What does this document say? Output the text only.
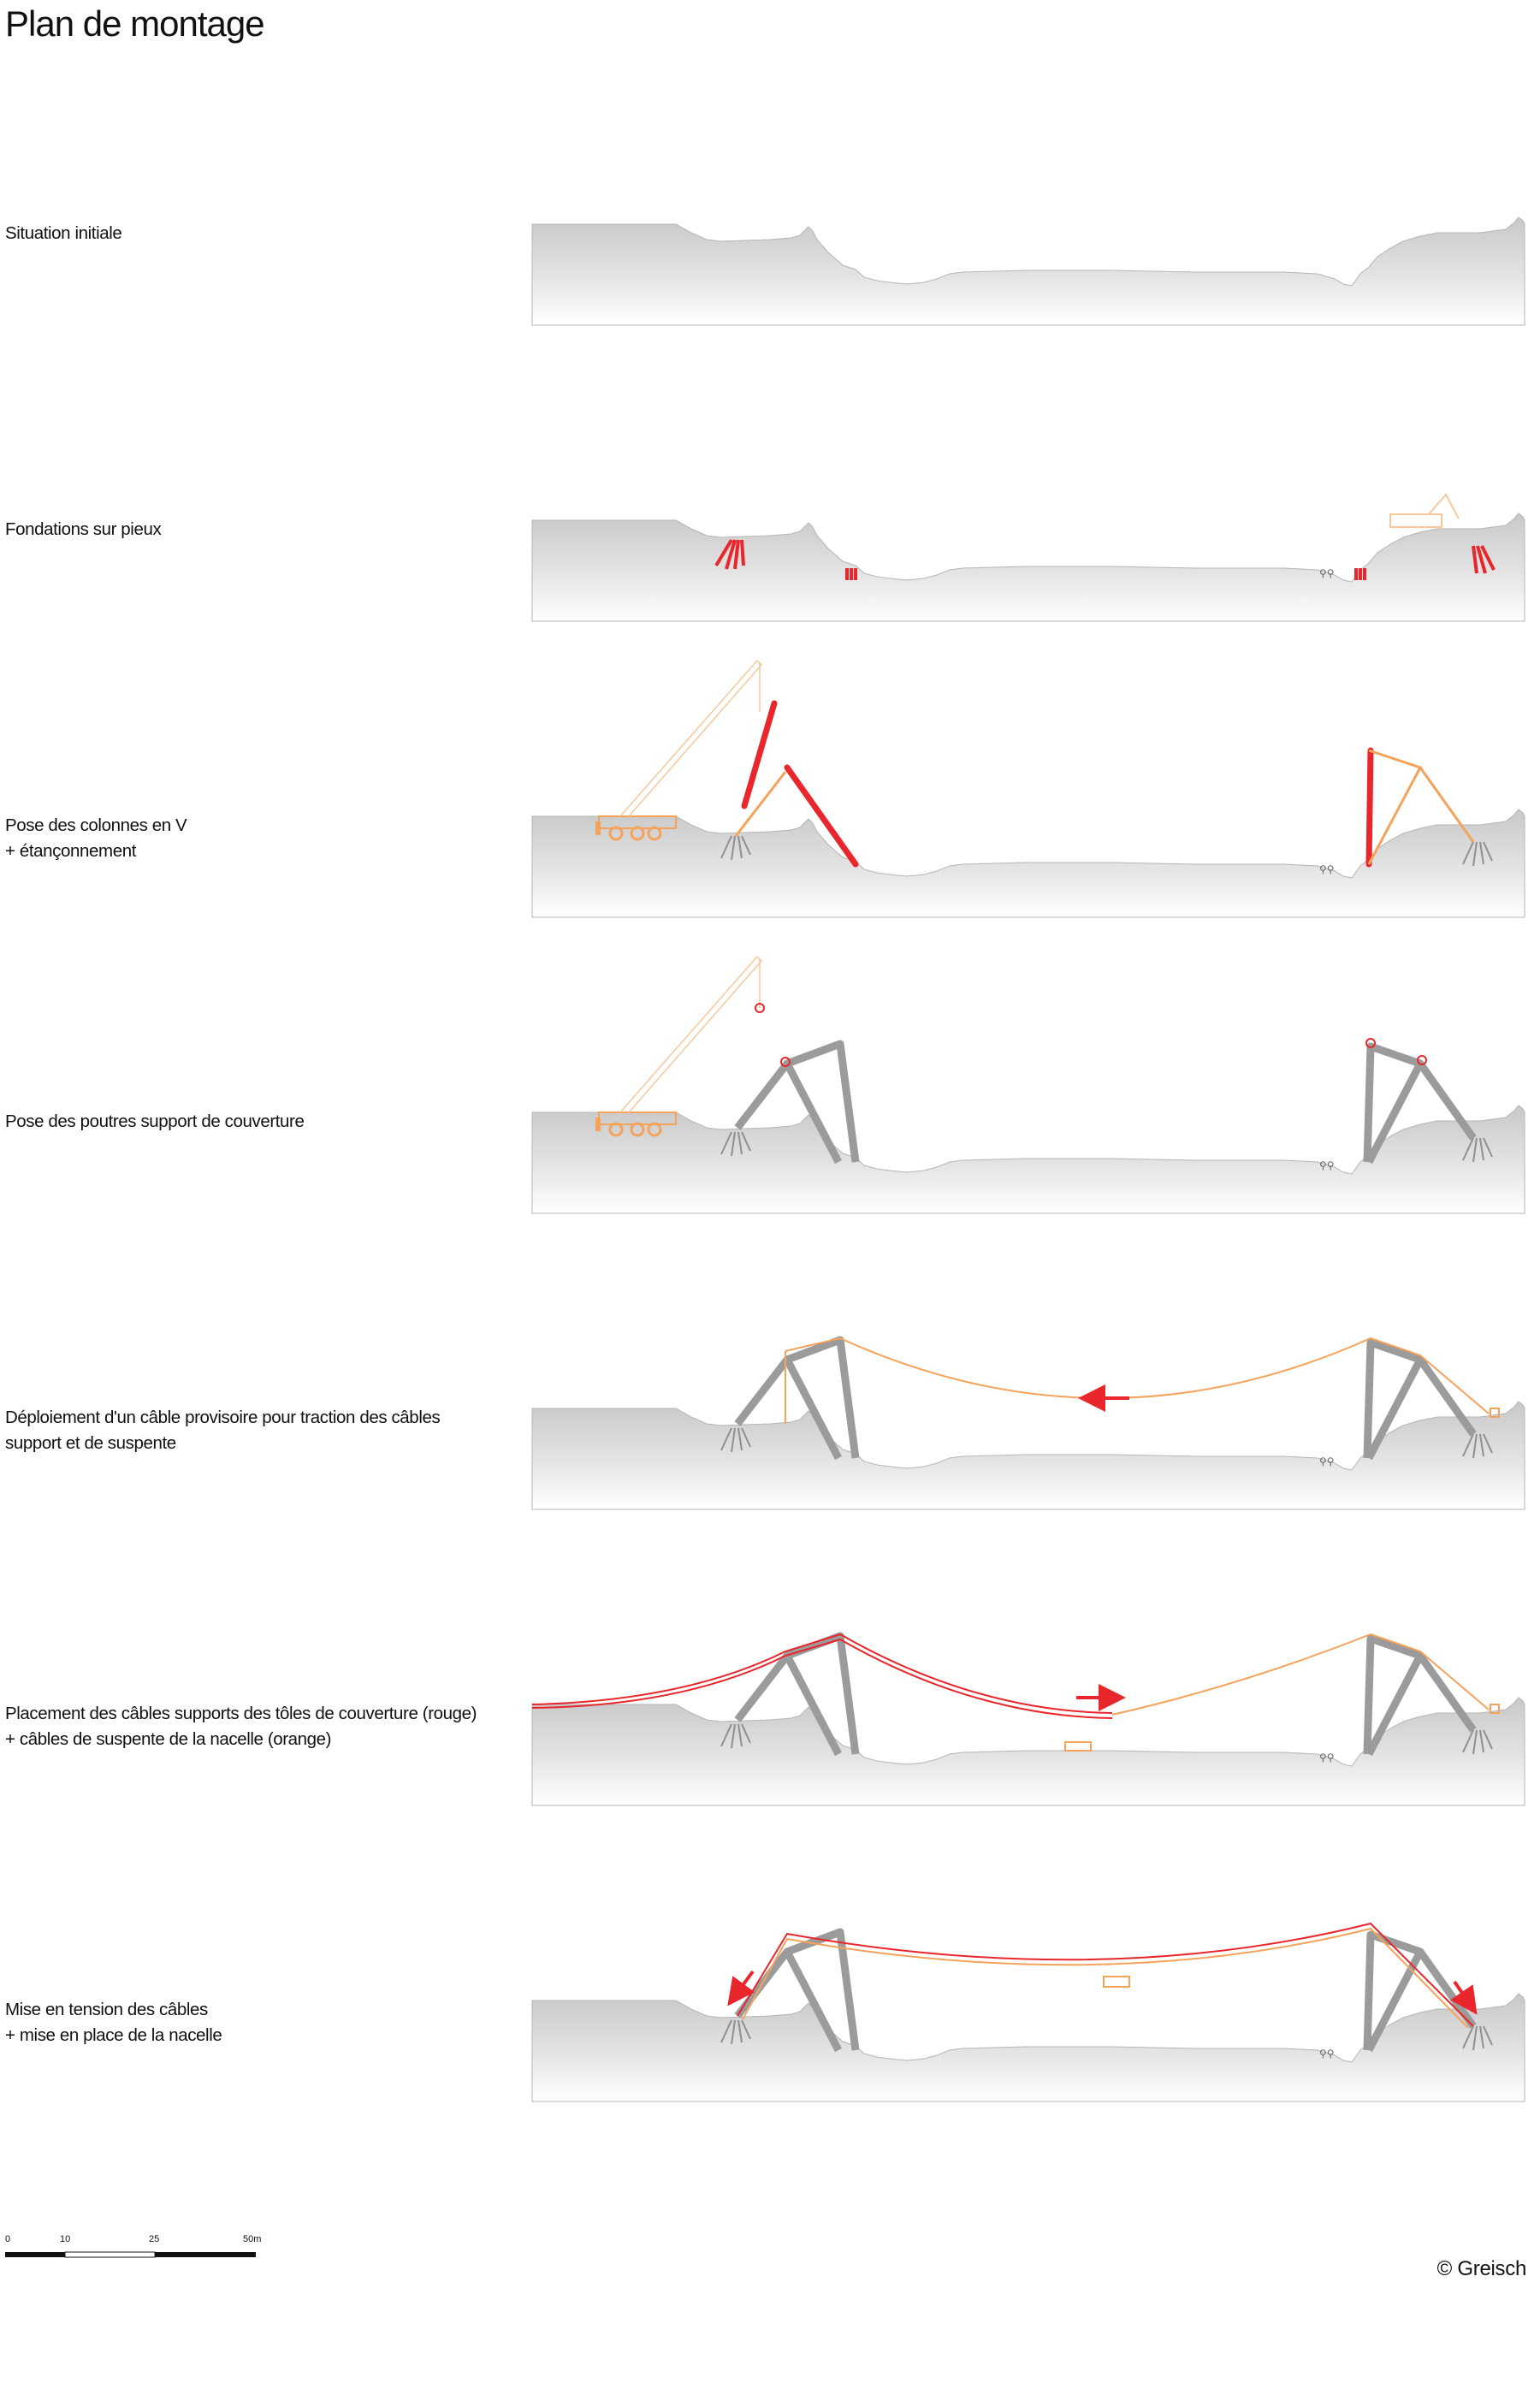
Plan de montage
Situation initiale
Fondations sur pieux
Pose des colonnes en V
+ étançonnement
Pose des poutres support de couverture
Déploiement d'un câble provisoire pour traction des câbles
support et de suspente
Placement des câbles supports des tôles de couverture (rouge)
+ câbles de suspente de la nacelle (orange)
Mise en tension des câbles
+ mise en place de la nacelle
0	10	25	50m
© Greisch
